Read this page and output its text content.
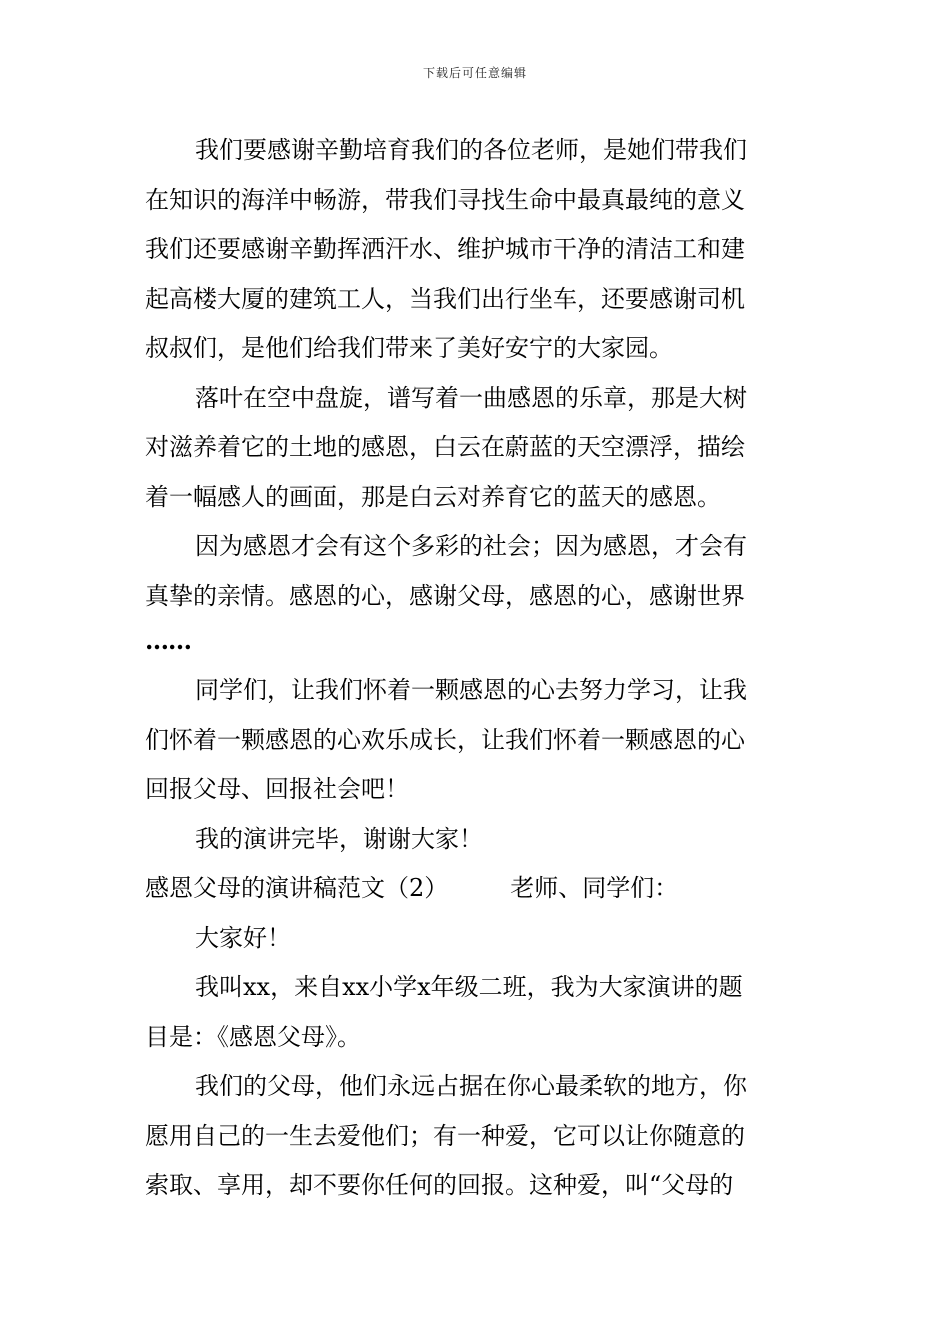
下载后可任意编辑
我们要感谢辛勤培育我们的各位老师，是她们带我们
在知识的海洋中畅游，带我们寻找生命中最真最纯的意义
我们还要感谢辛勤挥洒汗水、维护城市干净的清洁工和建
起高楼大厦的建筑工人，当我们出行坐车，还要感谢司机
叔叔们，是他们给我们带来了美好安宁的大家园。
落叶在空中盘旋，谱写着一曲感恩的乐章，那是大树
对滋养着它的土地的感恩，白云在蔚蓝的天空漂浮，描绘
着一幅感人的画面，那是白云对养育它的蓝天的感恩。
因为感恩才会有这个多彩的社会；因为感恩，才会有
真挚的亲情。感恩的心，感谢父母，感恩的心，感谢世界
……
同学们，让我们怀着一颗感恩的心去努力学习，让我
们怀着一颗感恩的心欢乐成长，让我们怀着一颗感恩的心
回报父母、回报社会吧！
我的演讲完毕，谢谢大家！
感恩父母的演讲稿范文（2）	老师、同学们：
大家好！
我叫xx，来自xx小学x年级二班，我为大家演讲的题
目是：《感恩父母》。
我们的父母，他们永远占据在你心最柔软的地方，你
愿用自己的一生去爱他们；有一种爱，它可以让你随意的
索取、享用，却不要你任何的回报。这种爱，叫“父母的
